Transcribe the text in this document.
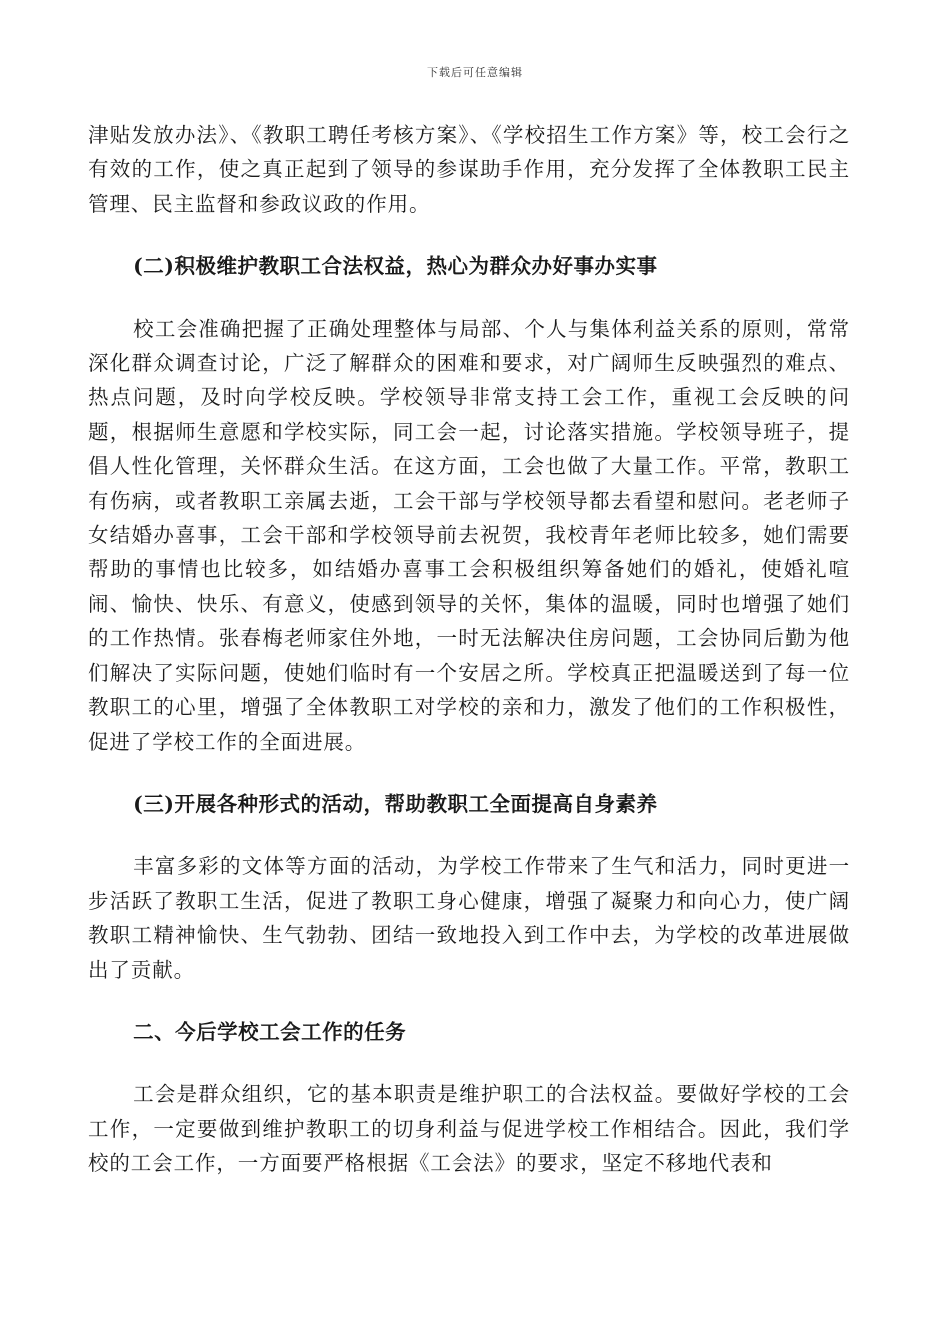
下载后可任意编辑

津贴发放办法》、《教职工聘任考核方案》、《学校招生工作方案》等，校工会行之有效的工作，使之真正起到了领导的参谋助手作用，充分发挥了全体教职工民主管理、民主监督和参政议政的作用。

(二)积极维护教职工合法权益，热心为群众办好事办实事

校工会准确把握了正确处理整体与局部、个人与集体利益关系的原则，常常深化群众调查讨论，广泛了解群众的困难和要求，对广阔师生反映强烈的难点、热点问题，及时向学校反映。学校领导非常支持工会工作，重视工会反映的问题，根据师生意愿和学校实际，同工会一起，讨论落实措施。学校领导班子，提倡人性化管理，关怀群众生活。在这方面，工会也做了大量工作。平常，教职工有伤病，或者教职工亲属去逝，工会干部与学校领导都去看望和慰问。老老师子女结婚办喜事，工会干部和学校领导前去祝贺，我校青年老师比较多，她们需要帮助的事情也比较多，如结婚办喜事工会积极组织筹备她们的婚礼，使婚礼喧闹、愉快、快乐、有意义，使感到领导的关怀，集体的温暖，同时也增强了她们的工作热情。张春梅老师家住外地，一时无法解决住房问题，工会协同后勤为他们解决了实际问题，使她们临时有一个安居之所。学校真正把温暖送到了每一位教职工的心里，增强了全体教职工对学校的亲和力，激发了他们的工作积极性，促进了学校工作的全面进展。

(三)开展各种形式的活动，帮助教职工全面提高自身素养

丰富多彩的文体等方面的活动，为学校工作带来了生气和活力，同时更进一步活跃了教职工生活，促进了教职工身心健康，增强了凝聚力和向心力，使广阔教职工精神愉快、生气勃勃、团结一致地投入到工作中去，为学校的改革进展做出了贡献。

二、今后学校工会工作的任务

工会是群众组织，它的基本职责是维护职工的合法权益。要做好学校的工会工作，一定要做到维护教职工的切身利益与促进学校工作相结合。因此，我们学校的工会工作，一方面要严格根据《工会法》的要求，坚定不移地代表和
